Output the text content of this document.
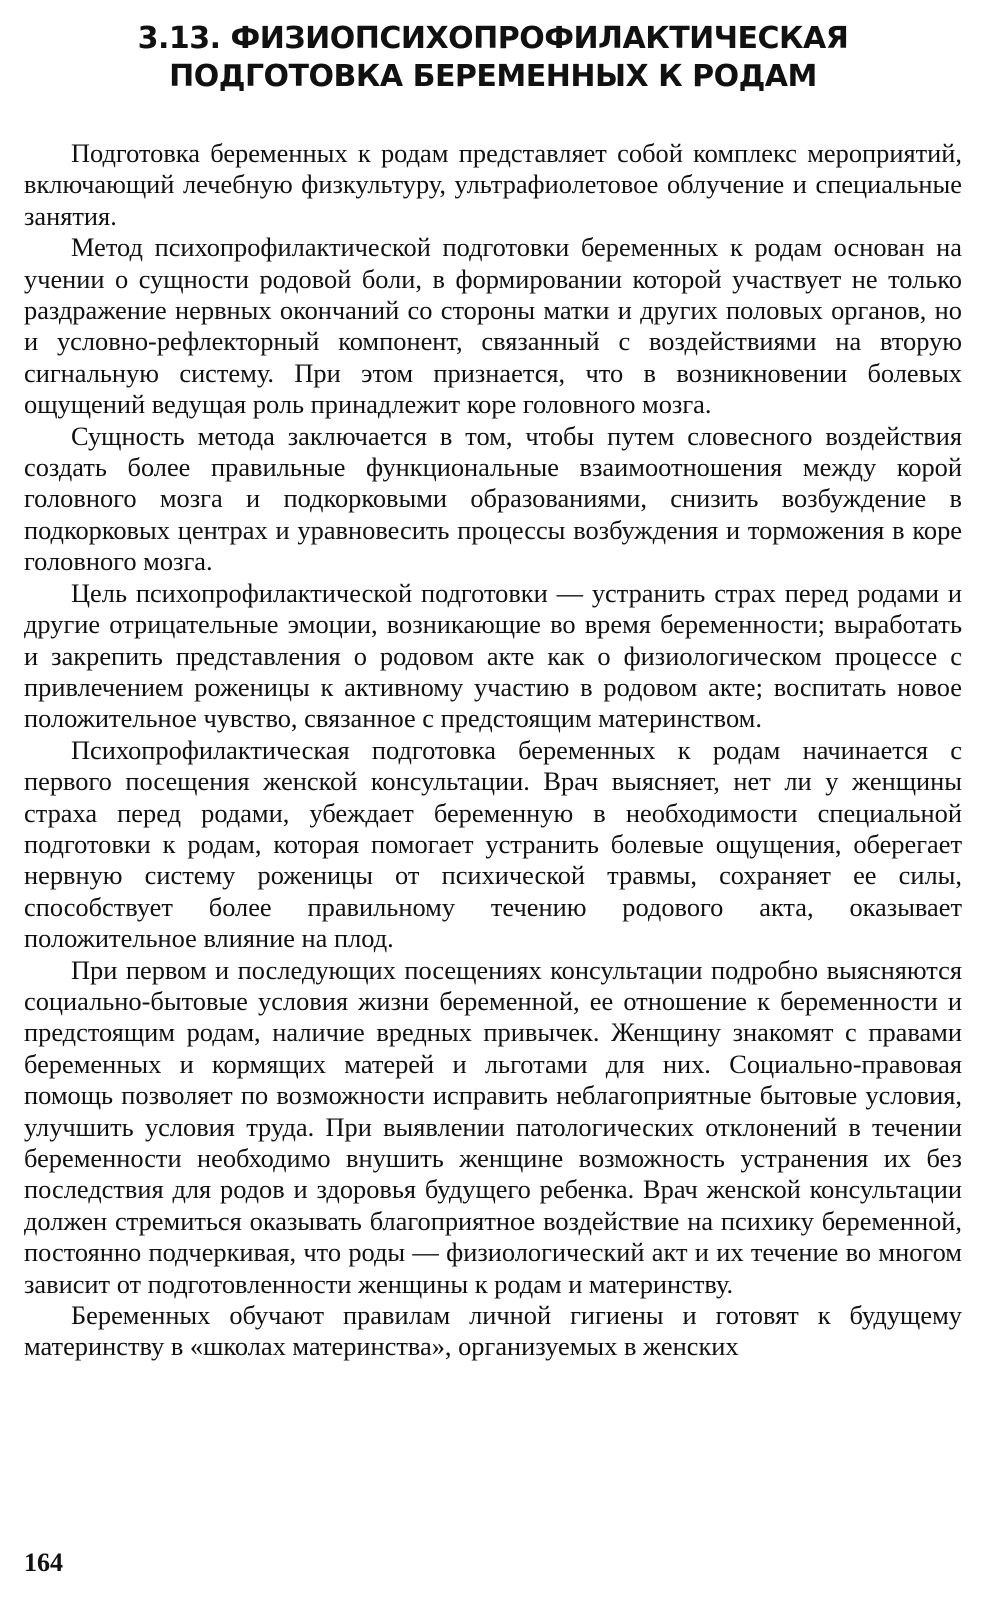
3.13. ФИЗИОПСИХОПРОФИЛАКТИЧЕСКАЯ
ПОДГОТОВКА БЕРЕМЕННЫХ К РОДАМ

Подготовка беременных к родам представляет собой комплекс мероприятий, включающий лечебную физкультуру, ультрафиолетовое облучение и специальные занятия.

Метод психопрофилактической подготовки беременных к родам основан на учении о сущности родовой боли, в формировании которой участвует не только раздражение нервных окончаний со стороны матки и других половых органов, но и условно-рефлекторный компонент, связанный с воздействиями на вторую сигнальную систему. При этом признается, что в возникновении болевых ощущений ведущая роль принадлежит коре головного мозга.

Сущность метода заключается в том, чтобы путем словесного воздействия создать более правильные функциональные взаимоотношения между корой головного мозга и подкорковыми образованиями, снизить возбуждение в подкорковых центрах и уравновесить процессы возбуждения и торможения в коре головного мозга.

Цель психопрофилактической подготовки — устранить страх перед родами и другие отрицательные эмоции, возникающие во время беременности; выработать и закрепить представления о родовом акте как о физиологическом процессе с привлечением роженицы к активному участию в родовом акте; воспитать новое положительное чувство, связанное с предстоящим материнством.

Психопрофилактическая подготовка беременных к родам начинается с первого посещения женской консультации. Врач выясняет, нет ли у женщины страха перед родами, убеждает беременную в необходимости специальной подготовки к родам, которая помогает устранить болевые ощущения, оберегает нервную систему роженицы от психической травмы, сохраняет ее силы, способствует более правильному течению родового акта, оказывает положительное влияние на плод.

При первом и последующих посещениях консультации подробно выясняются социально-бытовые условия жизни беременной, ее отношение к беременности и предстоящим родам, наличие вредных привычек. Женщину знакомят с правами беременных и кормящих матерей и льготами для них. Социально-правовая помощь позволяет по возможности исправить неблагоприятные бытовые условия, улучшить условия труда. При выявлении патологических отклонений в течении беременности необходимо внушить женщине возможность устранения их без последствия для родов и здоровья будущего ребенка. Врач женской консультации должен стремиться оказывать благоприятное воздействие на психику беременной, постоянно подчеркивая, что роды — физиологический акт и их течение во многом зависит от подготовленности женщины к родам и материнству.

Беременных обучают правилам личной гигиены и готовят к будущему материнству в «школах материнства», организуемых в женских

164
